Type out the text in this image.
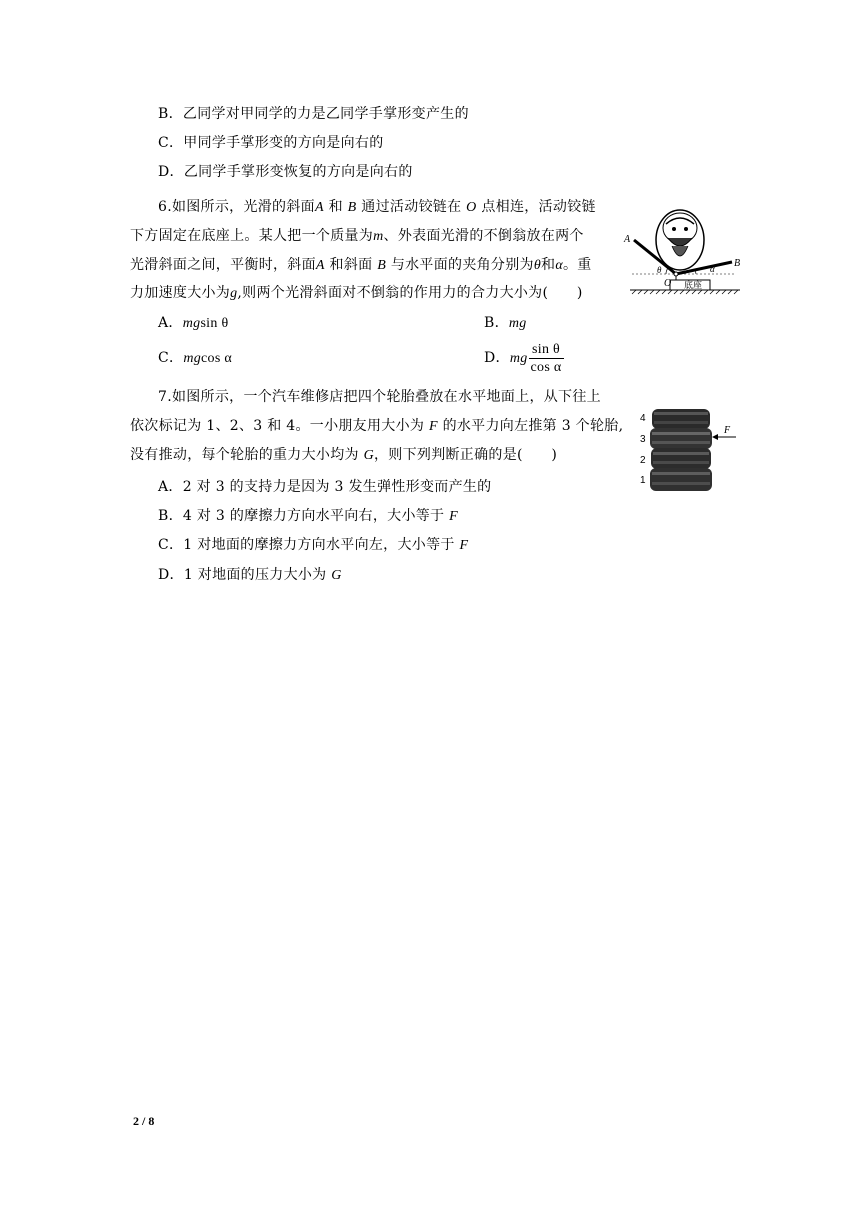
B．乙同学对甲同学的力是乙同学手掌形变产生的
C．甲同学手掌形变的方向是向右的
D．乙同学手掌形变恢复的方向是向右的
6.如图所示，光滑的斜面A 和 B 通过活动铰链在 O 点相连，活动铰链
下方固定在底座上。某人把一个质量为m、外表面光滑的不倒翁放在两个
光滑斜面之间，平衡时，斜面A 和斜面 B 与水平面的夹角分别为θ和α。重
力加速度大小为g,则两个光滑斜面对不倒翁的作用力的合力大小为(　　)
A．mgsin θ	B．mg
C．mgcos α	D．mg $\frac{\text{sin θ}}{\text{cos α}}$
A
B
θ	α
O 底座
7.如图所示，一个汽车维修店把四个轮胎叠放在水平地面上，从下往上
依次标记为 1、2、3 和 4。一小朋友用大小为 F 的水平力向左推第 3 个轮胎,
没有推动，每个轮胎的重力大小均为 G，则下列判断正确的是(　　)
A．2 对 3 的支持力是因为 3 发生弹性形变而产生的
B．4 对 3 的摩擦力方向水平向右，大小等于 F
C．1 对地面的摩擦力方向水平向左，大小等于 F
D．1 对地面的压力大小为 G
F
4
3
2
1
2 / 8
